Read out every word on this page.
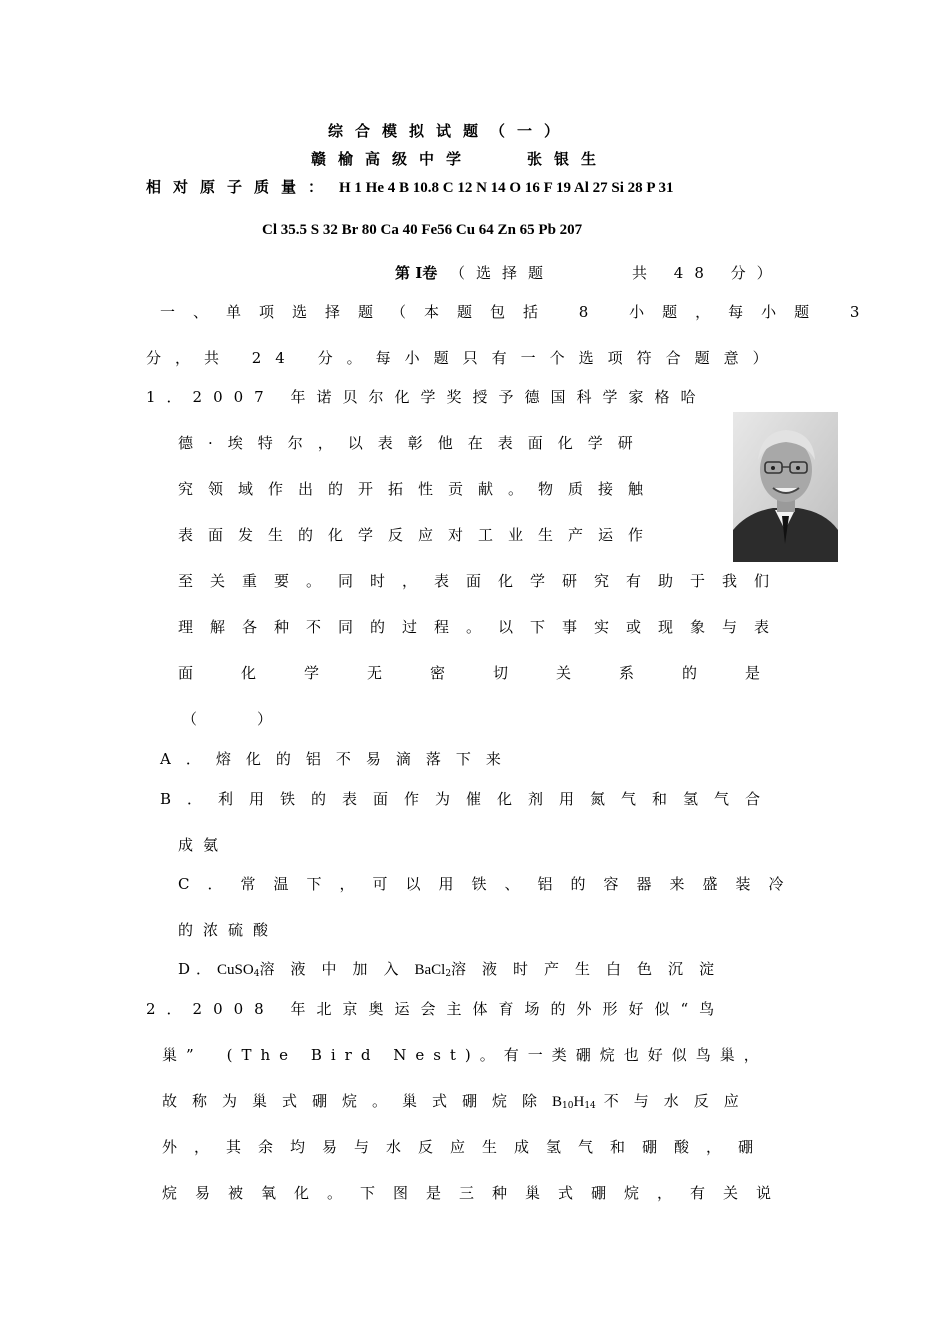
综合模拟试题（一）
赣榆高级中学　　张银生
相对原子质量： H 1 He 4 B 10.8 C 12 N 14 O 16 F 19 Al 27 Si 28 P 31
Cl 35.5 S 32 Br 80 Ca 40 Fe56 Cu 64 Zn 65 Pb 207
第 Ⅰ卷 （选择题　　　共 48 分）
一、单项选择题（本题包括 8 小题，每小题 3
分，共 24 分。每小题只有一个选项符合题意）
1．2007 年诺贝尔化学奖授予德国科学家格哈
德·埃特尔，以表彰他在表面化学研
究领域作出的开拓性贡献。物质接触
表面发生的化学反应对工业生产运作
至关重要。同时，表面化学研究有助于我们
理解各种不同的过程。以下事实或现象与表
面化学无密切关系的是
（　　　　）
A．熔化的铝不易滴落下来
B．利用铁的表面作为催化剂用氮气和氢气合
成氨
C．常温下，可以用铁、铝的容器来盛装冷
的浓硫酸
D．CuSO$_4$溶液中加入BaCl$_2$溶液时产生白色沉淀
2．2008 年北京奥运会主体育场的外形好似“鸟
巢”　(The Bird Nest)。有一类硼烷也好似鸟巢，
故称为巢式硼烷。巢式硼烷除$B_{10}H_{14}$ 不与水反应
外，其余均易与水反应生成氢气和硼酸，硼
烷易被氧化。下图是三种巢式硼烷，有关说
